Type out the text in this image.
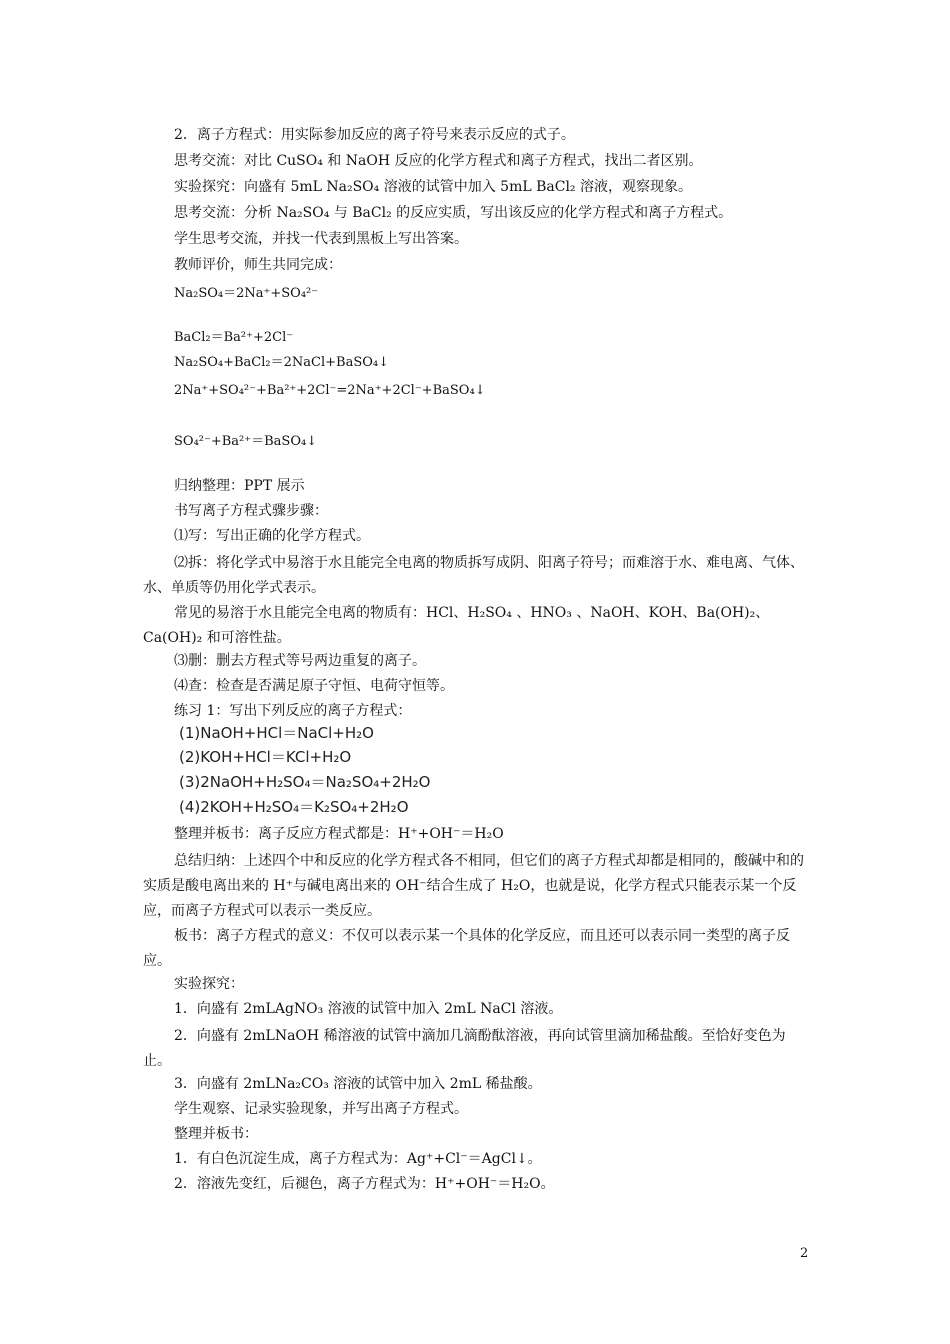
2．离子方程式：用实际参加反应的离子符号来表示反应的式子。
思考交流：对比 CuSO₄ 和 NaOH 反应的化学方程式和离子方程式，找出二者区别。
实验探究：向盛有 5mL Na₂SO₄ 溶液的试管中加入 5mL BaCl₂ 溶液，观察现象。
思考交流：分析 Na₂SO₄ 与 BaCl₂ 的反应实质，写出该反应的化学方程式和离子方程式。
学生思考交流，并找一代表到黑板上写出答案。
教师评价，师生共同完成：
Na₂SO₄＝2Na⁺+SO₄²⁻
BaCl₂＝Ba²⁺+2Cl⁻
Na₂SO₄+BaCl₂＝2NaCl+BaSO₄↓
2Na⁺+SO₄²⁻+Ba²⁺+2Cl⁻=2Na⁺+2Cl⁻+BaSO₄↓
SO₄²⁻+Ba²⁺＝BaSO₄↓
归纳整理：PPT 展示
书写离子方程式骤步骤：
⑴写：写出正确的化学方程式。
⑵拆：将化学式中易溶于水且能完全电离的物质拆写成阴、阳离子符号；而难溶于水、难电离、气体、水、单质等仍用化学式表示。
常见的易溶于水且能完全电离的物质有：HCl、H₂SO₄ 、HNO₃ 、NaOH、KOH、Ba(OH)₂、Ca(OH)₂ 和可溶性盐。
⑶删：删去方程式等号两边重复的离子。
⑷查：检查是否满足原子守恒、电荷守恒等。
练习 1：写出下列反应的离子方程式：
(1)NaOH+HCl＝NaCl+H₂O
(2)KOH+HCl＝KCl+H₂O
(3)2NaOH+H₂SO₄＝Na₂SO₄+2H₂O
(4)2KOH+H₂SO₄＝K₂SO₄+2H₂O
整理并板书：离子反应方程式都是：H⁺+OH⁻＝H₂O
总结归纳：上述四个中和反应的化学方程式各不相同，但它们的离子方程式却都是相同的，酸碱中和的实质是酸电离出来的 H⁺与碱电离出来的 OH⁻结合生成了 H₂O，也就是说，化学方程式只能表示某一个反应，而离子方程式可以表示一类反应。
板书：离子方程式的意义：不仅可以表示某一个具体的化学反应，而且还可以表示同一类型的离子反应。
实验探究：
1．向盛有 2mLAgNO₃ 溶液的试管中加入 2mL NaCl 溶液。
2．向盛有 2mLNaOH 稀溶液的试管中滴加几滴酚酞溶液，再向试管里滴加稀盐酸。至恰好变色为止。
3．向盛有 2mLNa₂CO₃ 溶液的试管中加入 2mL 稀盐酸。
学生观察、记录实验现象，并写出离子方程式。
整理并板书：
1．有白色沉淀生成，离子方程式为：Ag⁺+Cl⁻＝AgCl↓。
2．溶液先变红，后褪色，离子方程式为：H⁺+OH⁻＝H₂O。
2
